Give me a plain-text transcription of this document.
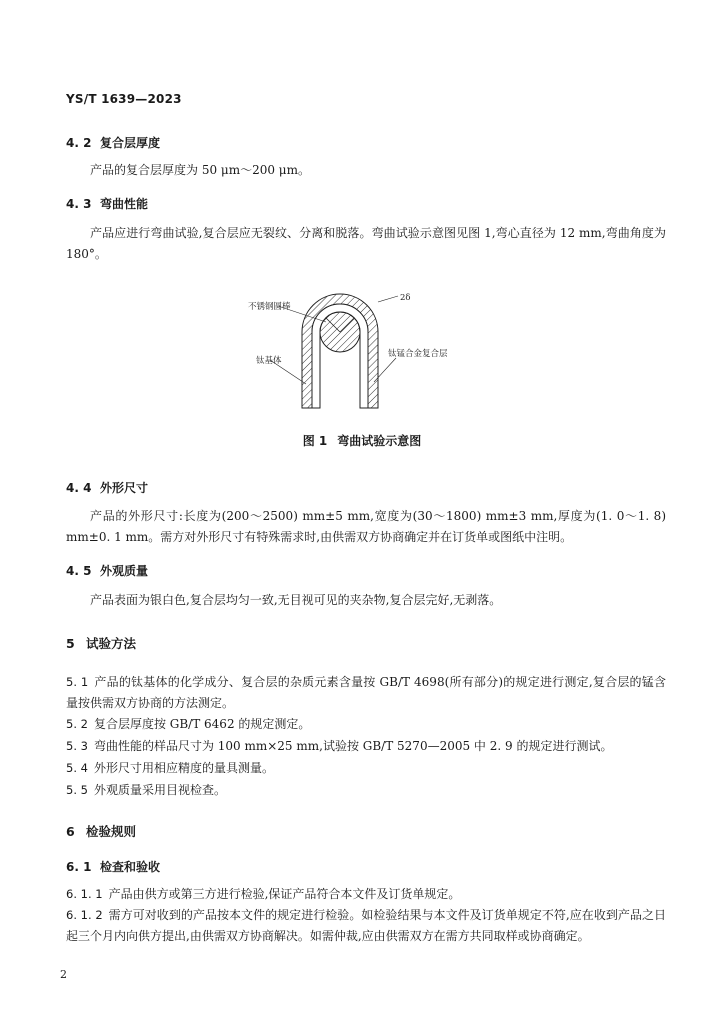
YS/T 1639—2023
4. 2 复合层厚度

产品的复合层厚度为 50 μm～200 μm。

4. 3 弯曲性能

产品应进行弯曲试验,复合层应无裂纹、分离和脱落。弯曲试验示意图见图 1,弯心直径为 12 mm,弯曲角度为 180°。

不锈钢圆棒
钛基体
钛锰合金复合层
2δ
图 1 弯曲试验示意图
4. 4 外形尺寸

产品的外形尺寸:长度为(200～2500) mm±5 mm,宽度为(30～1800) mm±3 mm,厚度为(1. 0～1. 8) mm±0. 1 mm。需方对外形尺寸有特殊需求时,由供需双方协商确定并在订货单或图纸中注明。

4. 5 外观质量

产品表面为银白色,复合层均匀一致,无目视可见的夹杂物,复合层完好,无剥落。

5 试验方法

5. 1 产品的钛基体的化学成分、复合层的杂质元素含量按 GB/T 4698(所有部分)的规定进行测定,复合层的锰含量按供需双方协商的方法测定。

5. 2 复合层厚度按 GB/T 6462 的规定测定。

5. 3 弯曲性能的样品尺寸为 100 mm×25 mm,试验按 GB/T 5270—2005 中 2. 9 的规定进行测试。

5. 4 外形尺寸用相应精度的量具测量。

5. 5 外观质量采用目视检查。

6 检验规则
6. 1 检查和验收

6. 1. 1 产品由供方或第三方进行检验,保证产品符合本文件及订货单规定。

6. 1. 2 需方可对收到的产品按本文件的规定进行检验。如检验结果与本文件及订货单规定不符,应在收到产品之日起三个月内向供方提出,由供需双方协商解决。如需仲裁,应由供需双方在需方共同取样或协商确定。

2
